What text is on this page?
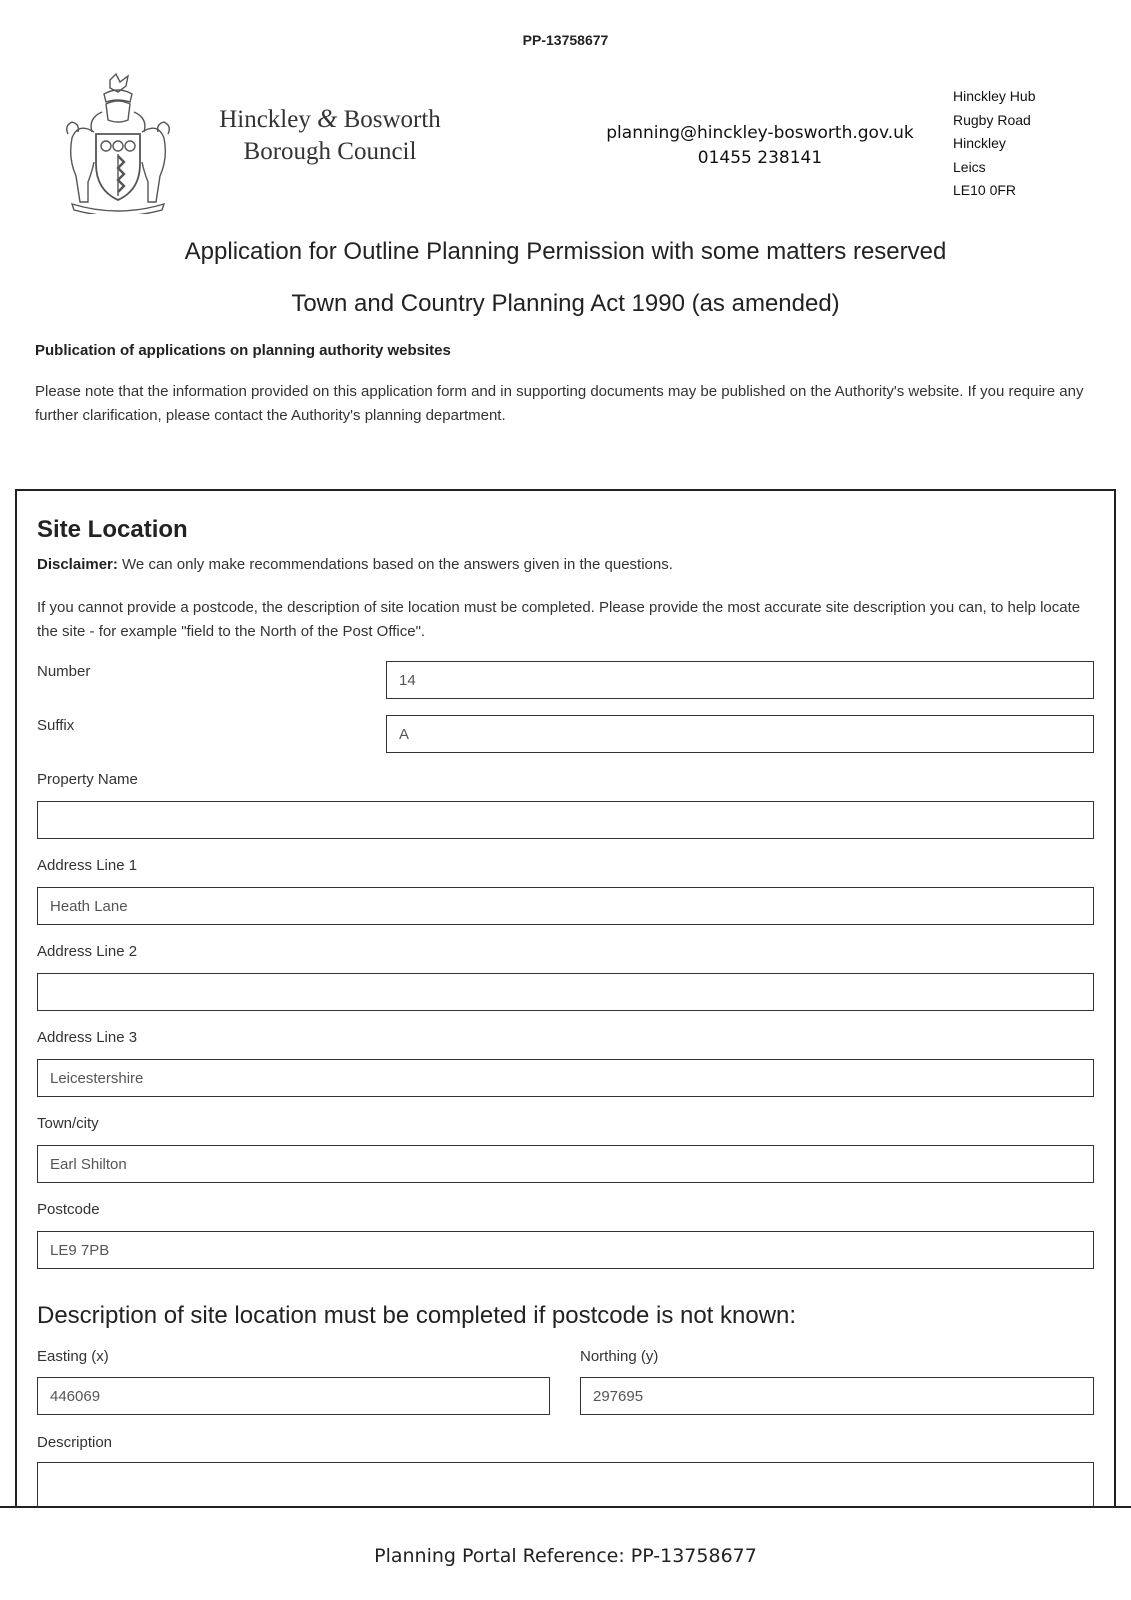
PP-13758677
Hinckley & Bosworth
Borough Council
planning@hinckley-bosworth.gov.uk
01455 238141
Hinckley Hub
Rugby Road
Hinckley
Leics
LE10 0FR
Application for Outline Planning Permission with some matters reserved
Town and Country Planning Act 1990 (as amended)
Publication of applications on planning authority websites
Please note that the information provided on this application form and in supporting documents may be published on the Authority's website. If you require any further clarification, please contact the Authority's planning department.
Site Location
Disclaimer: We can only make recommendations based on the answers given in the questions.
If you cannot provide a postcode, the description of site location must be completed. Please provide the most accurate site description you can, to help locate the site - for example "field to the North of the Post Office".
Number
14
Suffix
A
Property Name
Address Line 1
Heath Lane
Address Line 2
Address Line 3
Leicestershire
Town/city
Earl Shilton
Postcode
LE9 7PB
Description of site location must be completed if postcode is not known:
Easting (x)
446069
Northing (y)
297695
Description
Planning Portal Reference: PP-13758677
